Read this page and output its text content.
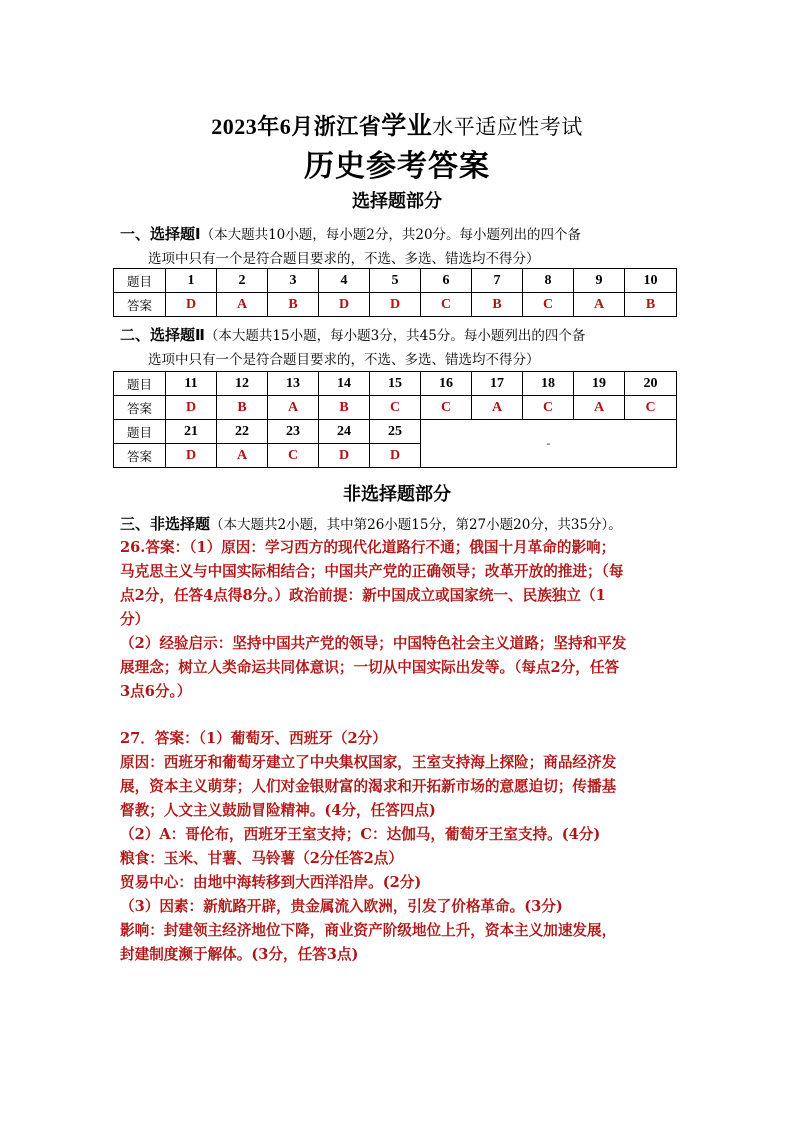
2023年6月浙江省学业水平适应性考试
历史参考答案
选择题部分
一、选择题Ⅰ（本大题共10小题，每小题2分，共20分。每小题列出的四个备
选项中只有一个是符合题目要求的，不选、多选、错选均不得分）
题目	1	2	3	4	5	6	7	8	9	10
答案	D	A	B	D	D	C	B	C	A	B
二、选择题Ⅱ（本大题共15小题，每小题3分，共45分。每小题列出的四个备
选项中只有一个是符合题目要求的，不选、多选、错选均不得分）
题目	11	12	13	14	15	16	17	18	19	20
答案	D	B	A	B	C	C	A	C	A	C
题目	21	22	23	24	25	-				
答案	D	A	C	D	D					
非选择题部分
三、非选择题（本大题共2小题，其中第26小题15分，第27小题20分，共35分）。

26.答案：（1）原因：学习西方的现代化道路行不通；俄国十月革命的影响；

马克思主义与中国实际相结合；中国共产党的正确领导；改革开放的推进；（每

点2分，任答4点得8分。）政治前提：新中国成立或国家统一、民族独立（1

分）

（2）经验启示：坚持中国共产党的领导；中国特色社会主义道路；坚持和平发

展理念；树立人类命运共同体意识；一切从中国实际出发等。（每点2分，任答

3点6分。）

27．答案：（1）葡萄牙、西班牙（2分）

原因：西班牙和葡萄牙建立了中央集权国家，王室支持海上探险；商品经济发

展，资本主义萌芽；人们对金银财富的渴求和开拓新市场的意愿迫切；传播基

督教；人文主义鼓励冒险精神。(4分，任答四点)

（2）A：哥伦布，西班牙王室支持；C：达伽马，葡萄牙王室支持。(4分)

粮食：玉米、甘薯、马铃薯（2分任答2点）

贸易中心：由地中海转移到大西洋沿岸。(2分)

（3）因素：新航路开辟，贵金属流入欧洲，引发了价格革命。(3分)

影响：封建领主经济地位下降，商业资产阶级地位上升，资本主义加速发展，

封建制度濒于解体。(3分，任答3点)
